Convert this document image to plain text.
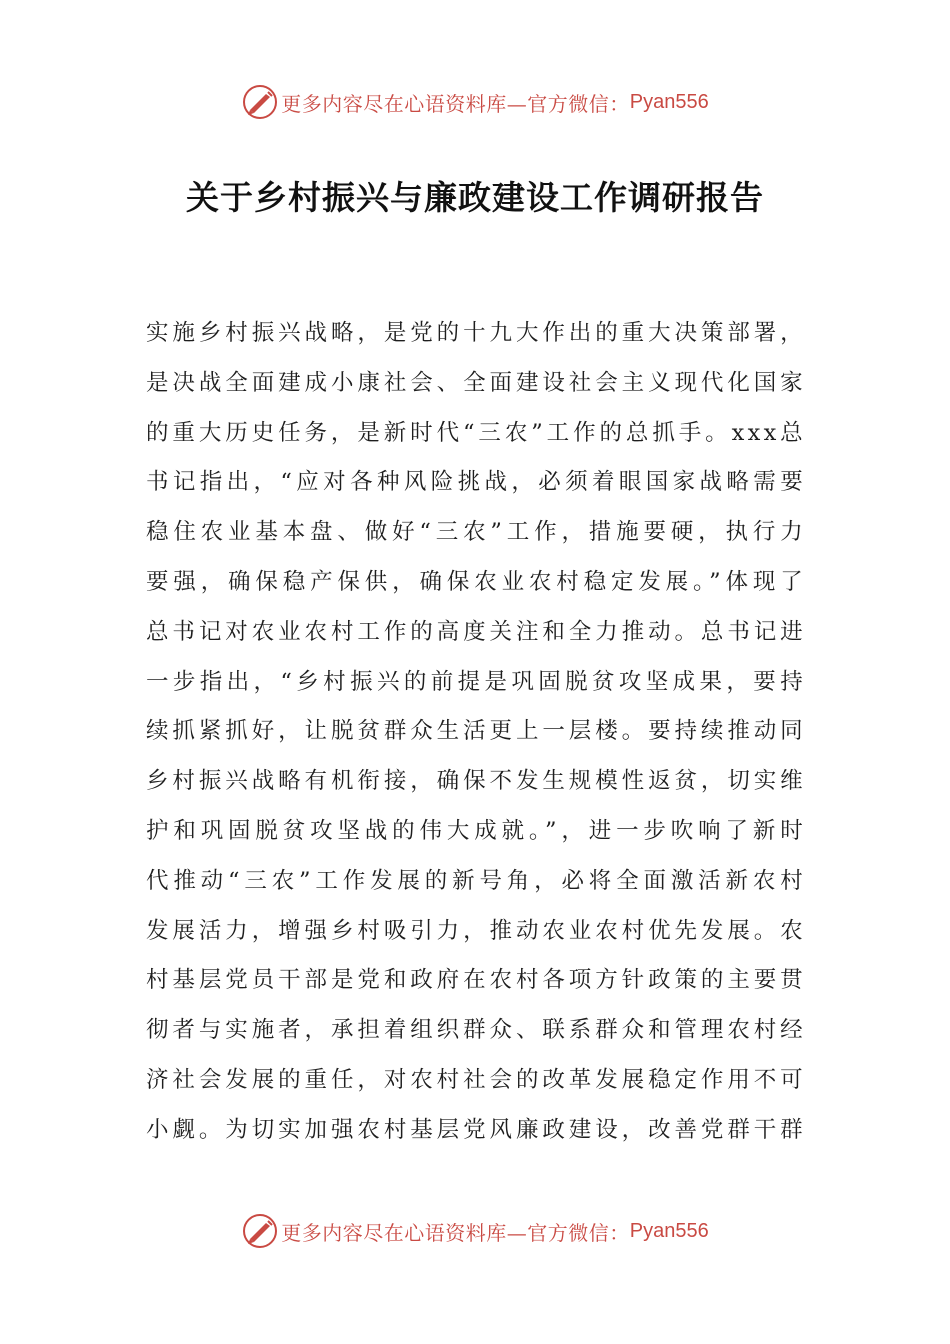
更多内容尽在心语资料库—官方微信： Pyan556
关于乡村振兴与廉政建设工作调研报告
实施乡村振兴战略，是党的十九大作出的重大决策部署，
是决战全面建成小康社会、全面建设社会主义现代化国家
的重大历史任务，是新时代“三农”工作的总抓手。xxx总
书记指出，“应对各种风险挑战，必须着眼国家战略需要
稳住农业基本盘、做好“三农”工作，措施要硬，执行力
要强，确保稳产保供，确保农业农村稳定发展。”体现了
总书记对农业农村工作的高度关注和全力推动。总书记进
一步指出，“乡村振兴的前提是巩固脱贫攻坚成果，要持
续抓紧抓好，让脱贫群众生活更上一层楼。要持续推动同
乡村振兴战略有机衔接，确保不发生规模性返贫，切实维
护和巩固脱贫攻坚战的伟大成就。”，进一步吹响了新时
代推动“三农”工作发展的新号角，必将全面激活新农村
发展活力，增强乡村吸引力，推动农业农村优先发展。农
村基层党员干部是党和政府在农村各项方针政策的主要贯
彻者与实施者，承担着组织群众、联系群众和管理农村经
济社会发展的重任，对农村社会的改革发展稳定作用不可
小觑。为切实加强农村基层党风廉政建设，改善党群干群
更多内容尽在心语资料库—官方微信： Pyan556
